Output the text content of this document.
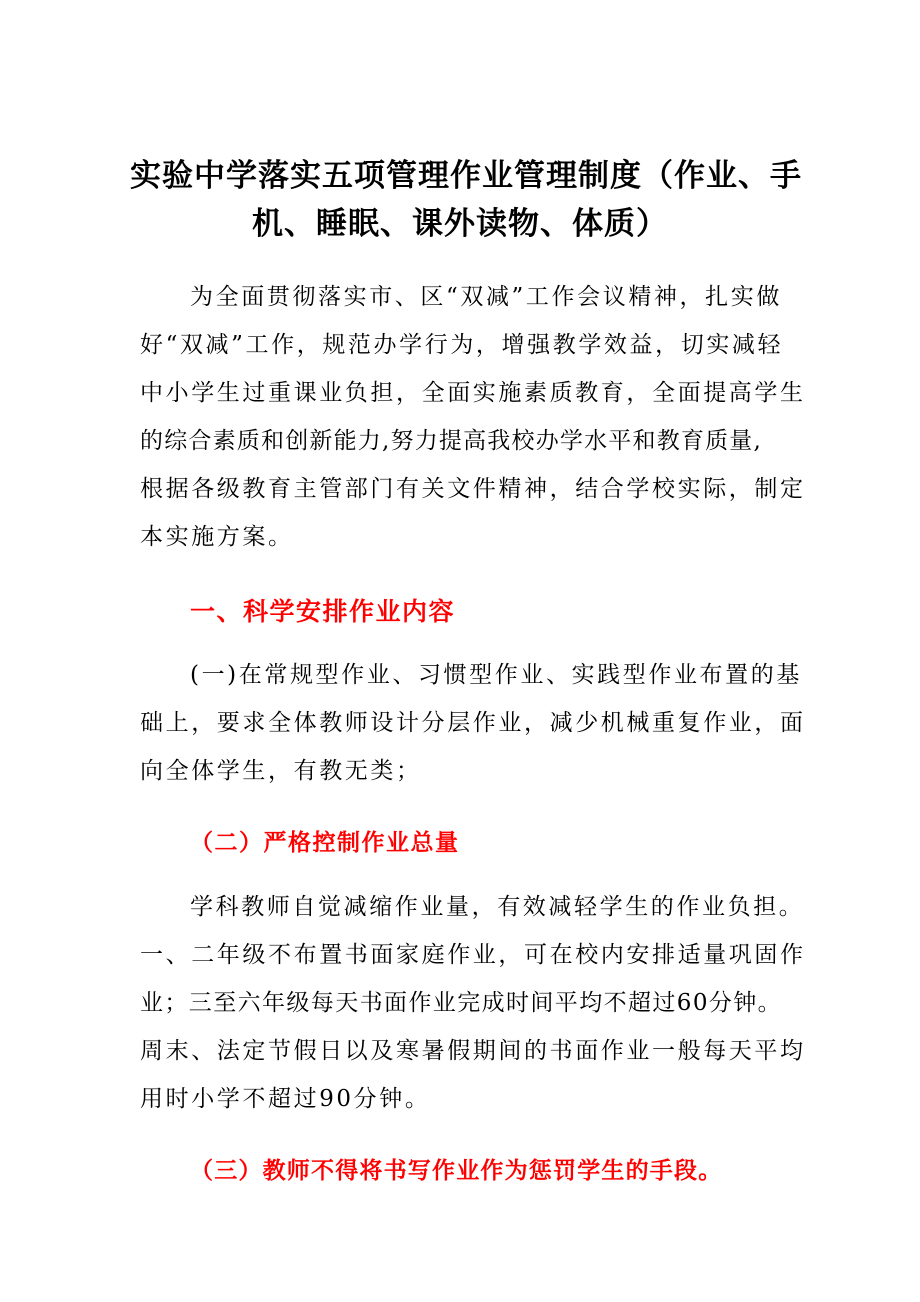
实验中学落实五项管理作业管理制度（作业、手
机、睡眠、课外读物、体质）
为全面贯彻落实市、区“双减”工作会议精神，扎实做
好“双减”工作，规范办学行为，增强教学效益，切实减轻
中小学生过重课业负担，全面实施素质教育，全面提高学生
的综合素质和创新能力,努力提高我校办学水平和教育质量,
根据各级教育主管部门有关文件精神，结合学校实际，制定
本实施方案。
一、科学安排作业内容
(一)在常规型作业、习惯型作业、实践型作业布置的基
础上，要求全体教师设计分层作业，减少机械重复作业，面
向全体学生，有教无类；
（二）严格控制作业总量
学科教师自觉减缩作业量，有效减轻学生的作业负担。
一、二年级不布置书面家庭作业，可在校内安排适量巩固作
业；三至六年级每天书面作业完成时间平均不超过60分钟。
周末、法定节假日以及寒暑假期间的书面作业一般每天平均
用时小学不超过90分钟。
（三）教师不得将书写作业作为惩罚学生的手段。
